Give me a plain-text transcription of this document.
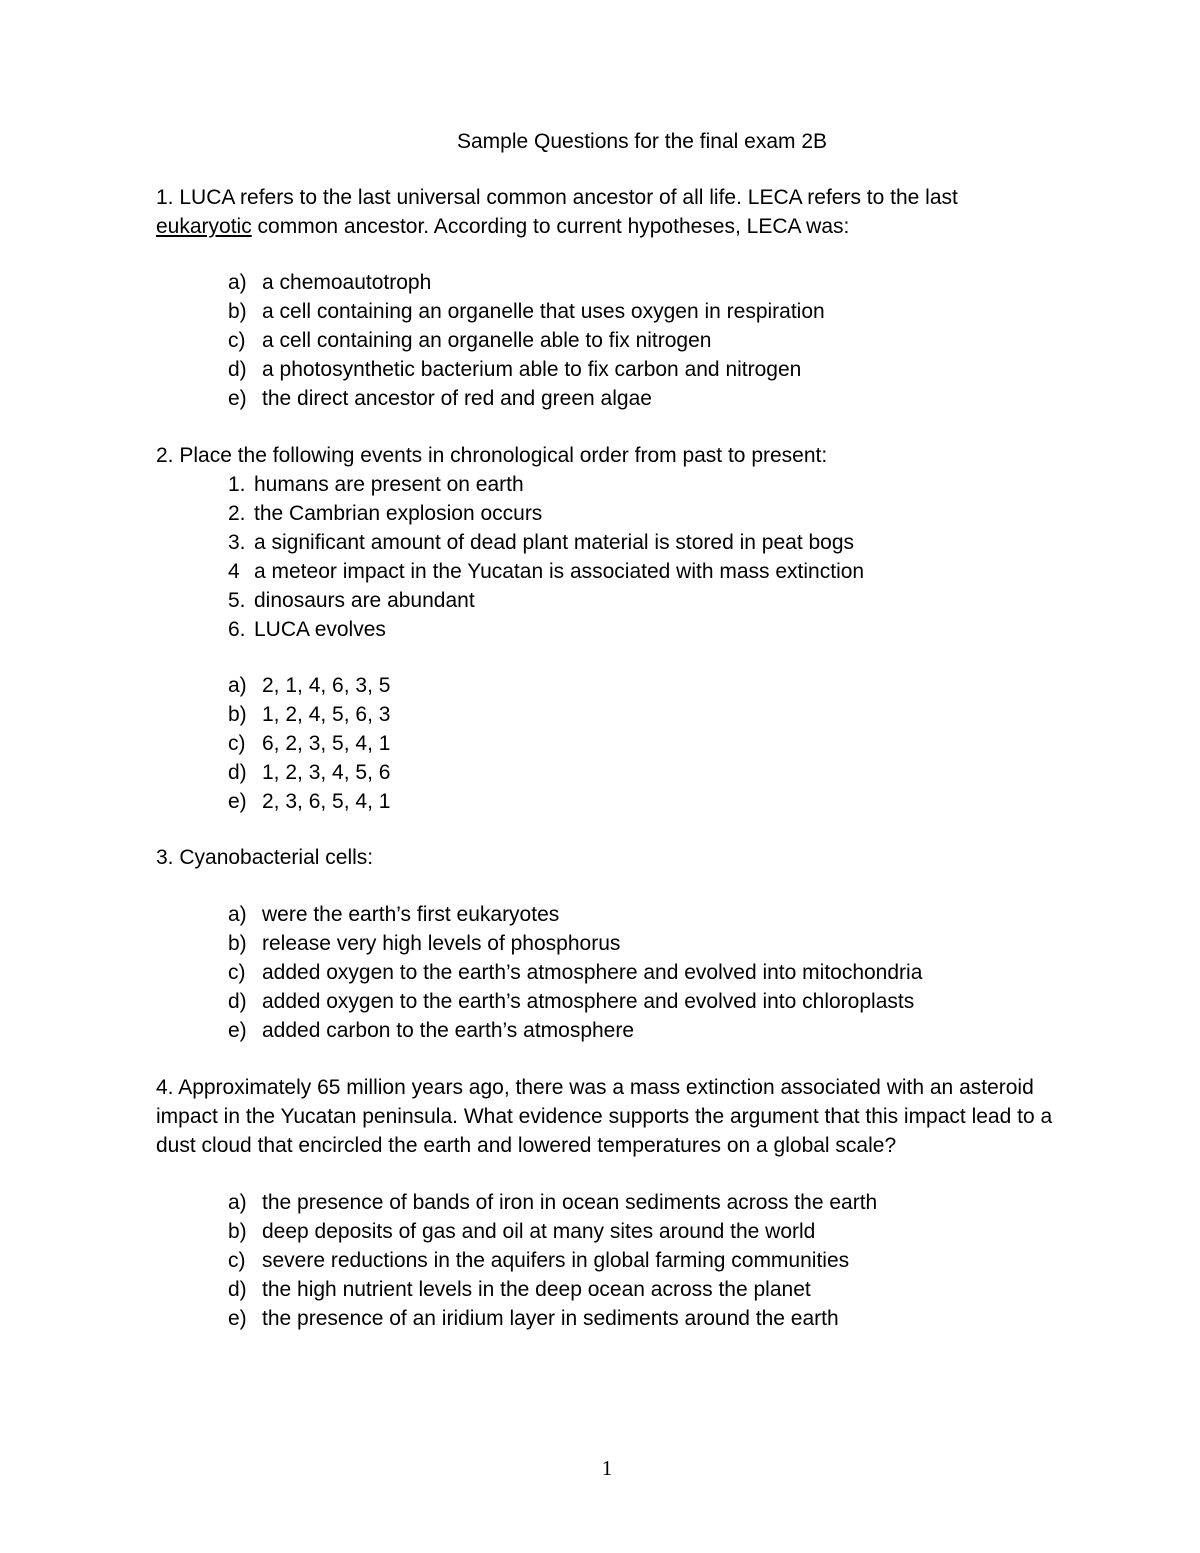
Sample Questions for the final exam 2B

1. LUCA refers to the last universal common ancestor of all life. LECA refers to the last

eukaryotic common ancestor. According to current hypotheses, LECA was:

a) a chemoautotroph
b) a cell containing an organelle that uses oxygen in respiration
c) a cell containing an organelle able to fix nitrogen
d) a photosynthetic bacterium able to fix carbon and nitrogen
e) the direct ancestor of red and green algae

2. Place the following events in chronological order from past to present:

1. humans are present on earth
2. the Cambrian explosion occurs
3. a significant amount of dead plant material is stored in peat bogs
4 a meteor impact in the Yucatan is associated with mass extinction
5. dinosaurs are abundant
6. LUCA evolves
a) 2, 1, 4, 6, 3, 5
b) 1, 2, 4, 5, 6, 3
c) 6, 2, 3, 5, 4, 1
d) 1, 2, 3, 4, 5, 6
e) 2, 3, 6, 5, 4, 1

3. Cyanobacterial cells:

a) were the earth’s first eukaryotes
b) release very high levels of phosphorus
c) added oxygen to the earth’s atmosphere and evolved into mitochondria
d) added oxygen to the earth’s atmosphere and evolved into chloroplasts
e) added carbon to the earth’s atmosphere

4. Approximately 65 million years ago, there was a mass extinction associated with an asteroid

impact in the Yucatan peninsula. What evidence supports the argument that this impact lead to a

dust cloud that encircled the earth and lowered temperatures on a global scale?

a) the presence of bands of iron in ocean sediments across the earth
b) deep deposits of gas and oil at many sites around the world
c) severe reductions in the aquifers in global farming communities
d) the high nutrient levels in the deep ocean across the planet
e) the presence of an iridium layer in sediments around the earth
1
